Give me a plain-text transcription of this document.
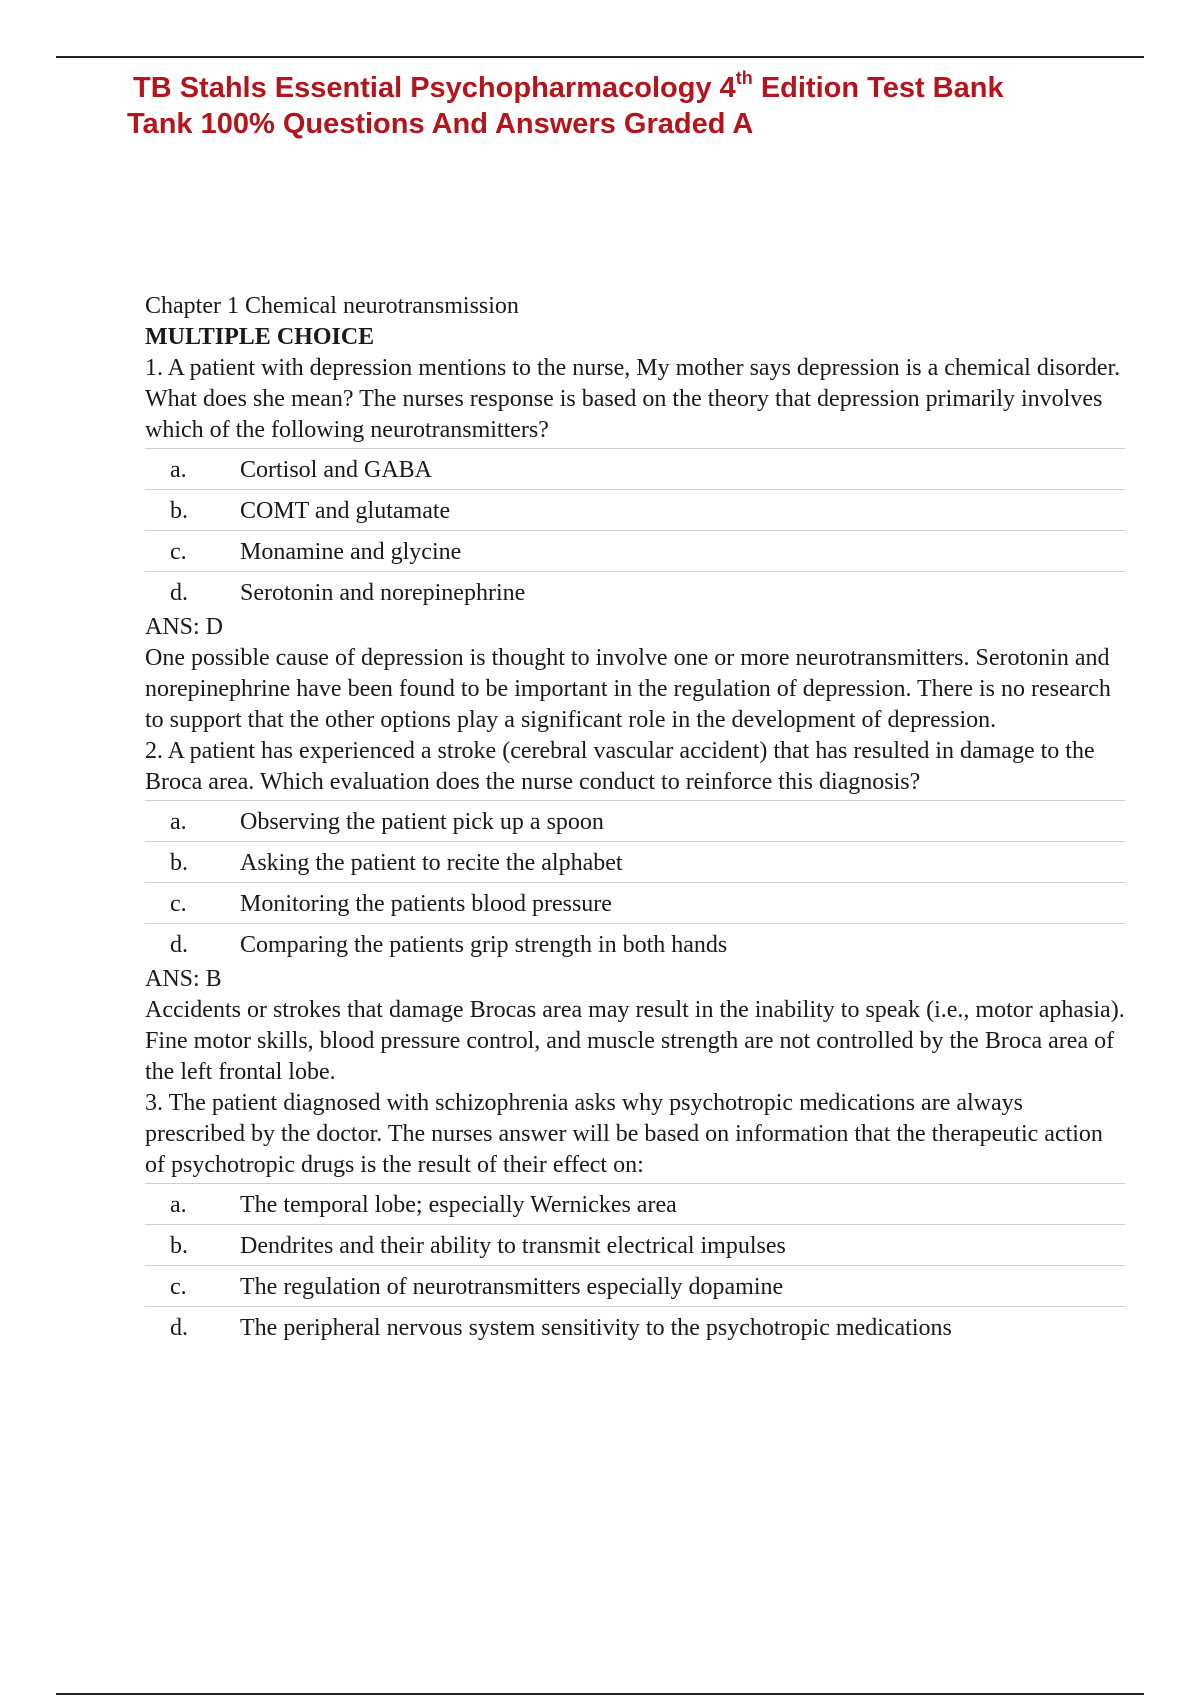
TB Stahls Essential Psychopharmacology 4th Edition Test Bank
Tank 100% Questions And Answers Graded A
Chapter 1 Chemical neurotransmission
MULTIPLE CHOICE
1. A patient with depression mentions to the nurse, My mother says depression is a chemical disorder. What does she mean? The nurses response is based on the theory that depression primarily involves which of the following neurotransmitters?
a.	Cortisol and GABA
b.	COMT and glutamate
c.	Monamine and glycine
d.	Serotonin and norepinephrine
ANS: D
One possible cause of depression is thought to involve one or more neurotransmitters. Serotonin and norepinephrine have been found to be important in the regulation of depression. There is no research to support that the other options play a significant role in the development of depression.
2. A patient has experienced a stroke (cerebral vascular accident) that has resulted in damage to the Broca area. Which evaluation does the nurse conduct to reinforce this diagnosis?
a.	Observing the patient pick up a spoon
b.	Asking the patient to recite the alphabet
c.	Monitoring the patients blood pressure
d.	Comparing the patients grip strength in both hands
ANS: B
Accidents or strokes that damage Brocas area may result in the inability to speak (i.e., motor aphasia). Fine motor skills, blood pressure control, and muscle strength are not controlled by the Broca area of the left frontal lobe.
3. The patient diagnosed with schizophrenia asks why psychotropic medications are always prescribed by the doctor. The nurses answer will be based on information that the therapeutic action of psychotropic drugs is the result of their effect on:
a.	The temporal lobe; especially Wernickes area
b.	Dendrites and their ability to transmit electrical impulses
c.	The regulation of neurotransmitters especially dopamine
d.	The peripheral nervous system sensitivity to the psychotropic medications
